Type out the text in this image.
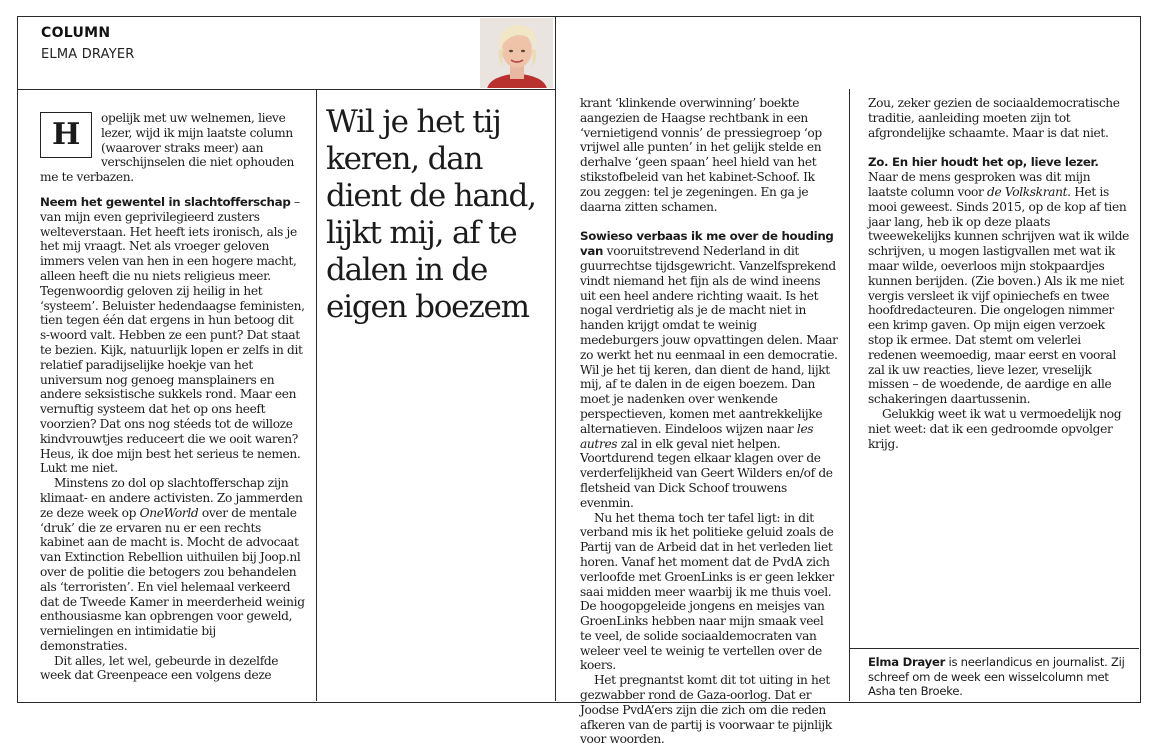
COLUMN
ELMA DRAYER

H	opelijk met uw welnemen, lieve lezer, wijd ik mijn laatste column (waarover straks meer) aan verschijnselen die niet ophouden me te verbazen.

Neem het gewentel in slachtofferschap – van mijn even geprivilegieerd zusters welteverstaan. Het heeft iets ironisch, als je het mij vraagt. Net als vroeger geloven immers velen van hen in een hogere macht, alleen heeft die nu niets religieus meer. Tegenwoordig geloven zij heilig in het ‘systeem’. Beluister hedendaagse feministen, tien tegen één dat ergens in hun betoog dit s-woord valt. Hebben ze een punt? Dat staat te bezien. Kijk, natuurlijk lopen er zelfs in dit relatief paradijselijke hoekje van het universum nog genoeg mansplainers en andere seksistische sukkels rond. Maar een vernuftig systeem dat het op ons heeft voorzien? Dat ons nog stéeds tot de willoze kindvrouwtjes reduceert die we ooit waren? Heus, ik doe mijn best het serieus te nemen. Lukt me niet.

Minstens zo dol op slachtofferschap zijn klimaat- en andere activisten. Zo jammerden ze deze week op OneWorld over de mentale ‘druk’ die ze ervaren nu er een rechts kabinet aan de macht is. Mocht de advocaat van Extinction Rebellion uithuilen bij Joop.nl over de politie die betogers zou behandelen als ‘terroristen’. En viel helemaal verkeerd dat de Tweede Kamer in meerderheid weinig enthousiasme kan opbrengen voor geweld, vernielingen en intimidatie bij demonstraties.

Dit alles, let wel, gebeurde in dezelfde week dat Greenpeace een volgens deze

Wil je het tij keren, dan dient de hand, lijkt mij, af te dalen in de eigen boezem

krant ‘klinkende overwinning’ boekte aangezien de Haagse rechtbank in een ‘vernietigend vonnis’ de pressiegroep ‘op vrijwel alle punten’ in het gelijk stelde en derhalve ‘geen spaan’ heel hield van het stikstofbeleid van het kabinet-Schoof. Ik zou zeggen: tel je zegeningen. En ga je daarna zitten schamen.

Sowieso verbaas ik me over de houding van vooruitstrevend Nederland in dit guurrechtse tijdsgewricht. Vanzelfsprekend vindt niemand het fijn als de wind ineens uit een heel andere richting waait. Is het nogal verdrietig als je de macht niet in handen krijgt omdat te weinig medeburgers jouw opvattingen delen. Maar zo werkt het nu eenmaal in een democratie. Wil je het tij keren, dan dient de hand, lijkt mij, af te dalen in de eigen boezem. Dan moet je nadenken over wenkende perspectieven, komen met aantrekkelijke alternatieven. Eindeloos wijzen naar les autres zal in elk geval niet helpen. Voortdurend tegen elkaar klagen over de verderfelijkheid van Geert Wilders en/of de fletsheid van Dick Schoof trouwens evenmin.

Nu het thema toch ter tafel ligt: in dit verband mis ik het politieke geluid zoals de Partij van de Arbeid dat in het verleden liet horen. Vanaf het moment dat de PvdA zich verloofde met GroenLinks is er geen lekker saai midden meer waarbij ik me thuis voel. De hoogopgeleide jongens en meisjes van GroenLinks hebben naar mijn smaak veel te veel, de solide sociaaldemocraten van weleer veel te weinig te vertellen over de koers.

Het pregnantst komt dit tot uiting in het gezwabber rond de Gaza-oorlog. Dat er Joodse PvdA’ers zijn die zich om die reden afkeren van de partij is voorwaar te pijnlijk voor woorden.

Zou, zeker gezien de sociaaldemocratische traditie, aanleiding moeten zijn tot afgrondelijke schaamte. Maar is dat niet.

Zo. En hier houdt het op, lieve lezer. Naar de mens gesproken was dit mijn laatste column voor de Volkskrant. Het is mooi geweest. Sinds 2015, op de kop af tien jaar lang, heb ik op deze plaats tweewekelijks kunnen schrijven wat ik wilde schrijven, u mogen lastigvallen met wat ik maar wilde, oeverloos mijn stokpaardjes kunnen berijden. (Zie boven.) Als ik me niet vergis versleet ik vijf opiniechefs en twee hoofdredacteuren. Die ongelogen nimmer een krimp gaven. Op mijn eigen verzoek stop ik ermee. Dat stemt om velerlei redenen weemoedig, maar eerst en vooral zal ik uw reacties, lieve lezer, vreselijk missen – de woedende, de aardige en alle schakeringen daartussenin.

Gelukkig weet ik wat u vermoedelijk nog niet weet: dat ik een gedroomde opvolger krijg.

Elma Drayer is neerlandicus en journalist. Zij schreef om de week een wisselcolumn met Asha ten Broeke.
